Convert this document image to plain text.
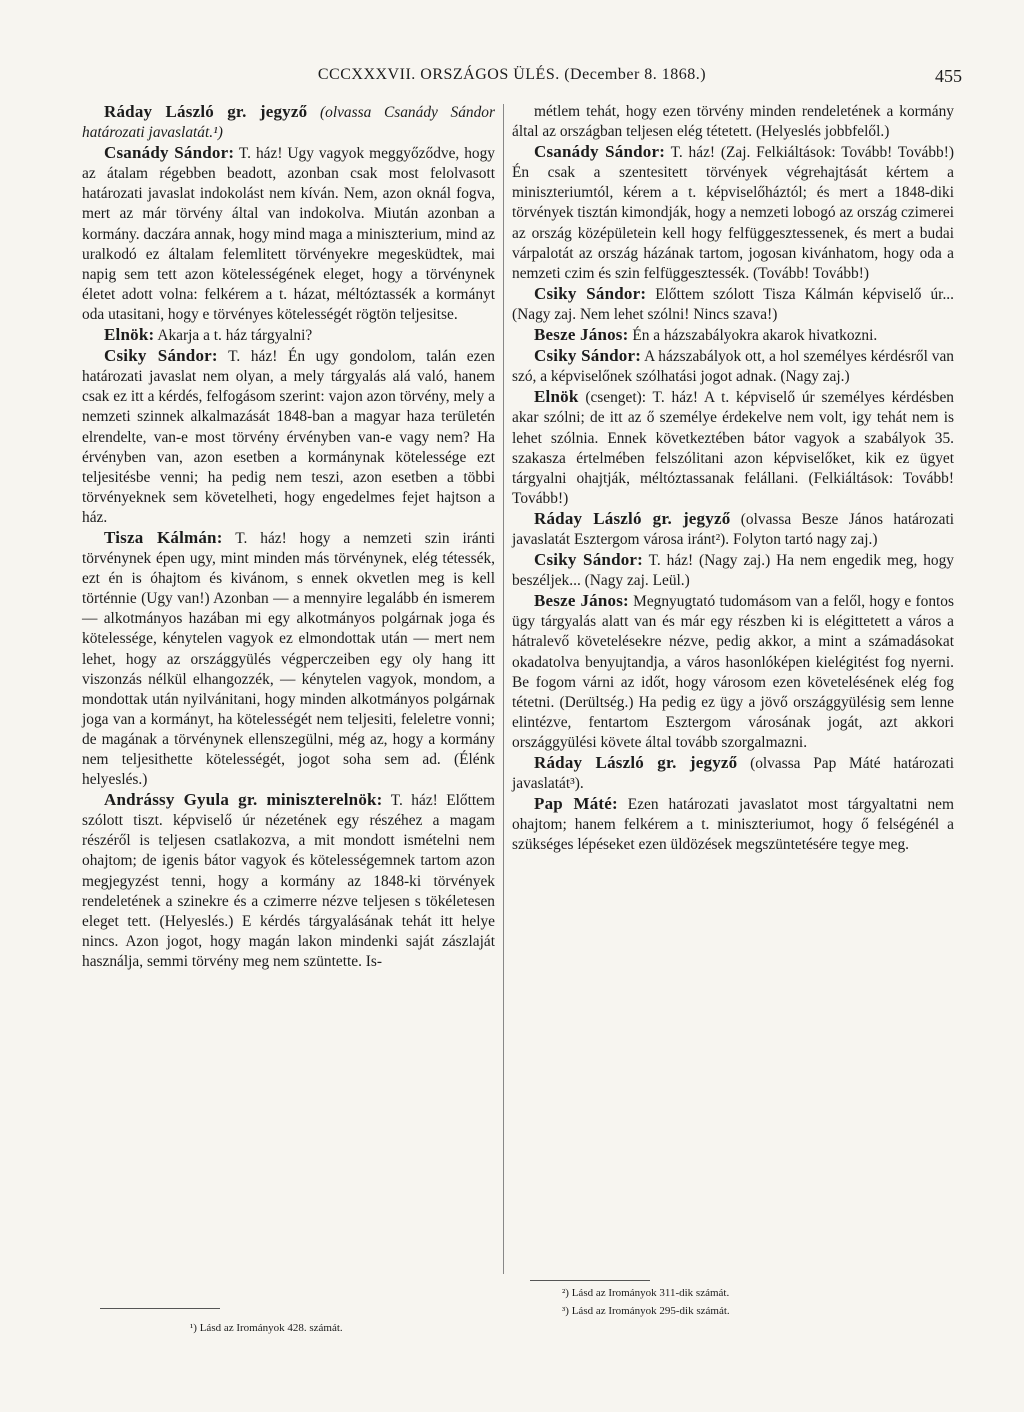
CCCXXXVII. ORSZÁGOS ÜLÉS. (December 8. 1868.)	455

Ráday László gr. jegyző (olvassa Csanády Sándor határozati javaslatát.¹)

Csanády Sándor: T. ház! Ugy vagyok meggyőződve, hogy az átalam régebben beadott, azonban csak most felolvasott határozati javaslat indokolást nem kíván. Nem, azon oknál fogva, mert az már törvény által van indokolva. Miután azonban a kormány. daczára annak, hogy mind maga a miniszterium, mind az uralkodó ez általam felemlitett törvényekre megesküdtek, mai napig sem tett azon kötelességének eleget, hogy a törvénynek életet adott volna: felkérem a t. házat, méltóztassék a kormányt oda utasitani, hogy e törvényes kötelességét rögtön teljesitse.

Elnök: Akarja a t. ház tárgyalni?

Csiky Sándor: T. ház! Én ugy gondolom, talán ezen határozati javaslat nem olyan, a mely tárgyalás alá való, hanem csak ez itt a kérdés, felfogásom szerint: vajon azon törvény, mely a nemzeti szinnek alkalmazását 1848-ban a magyar haza területén elrendelte, van-e most törvény érvényben van-e vagy nem? Ha érvényben van, azon esetben a kormánynak kötelessége ezt teljesitésbe venni; ha pedig nem teszi, azon esetben a többi törvényeknek sem követelheti, hogy engedelmes fejet hajtson a ház.

Tisza Kálmán: T. ház! hogy a nemzeti szin iránti törvénynek épen ugy, mint minden más törvénynek, elég tétessék, ezt én is óhajtom és kivánom, s ennek okvetlen meg is kell történnie (Ugy van!) Azonban — a mennyire legalább én ismerem — alkotmányos hazában mi egy alkotmányos polgárnak joga és kötelessége, kénytelen vagyok ez elmondottak után — mert nem lehet, hogy az országgyülés végperczeiben egy oly hang itt viszonzás nélkül elhangozzék, — kénytelen vagyok, mondom, a mondottak után nyilvánitani, hogy minden alkotmányos polgárnak joga van a kormányt, ha kötelességét nem teljesiti, feleletre vonni; de magának a törvénynek ellenszegülni, még az, hogy a kormány nem teljesithette kötelességét, jogot soha sem ad. (Élénk helyeslés.)

Andrássy Gyula gr. miniszterelnök: T. ház! Előttem szólott tiszt. képviselő úr nézetének egy részéhez a magam részéről is teljesen csatlakozva, a mit mondott ismételni nem ohajtom; de igenis bátor vagyok és kötelességemnek tartom azon megjegyzést tenni, hogy a kormány az 1848-ki törvények rendeletének a szinekre és a czimerre nézve teljesen s tökéletesen eleget tett. (Helyeslés.) E kérdés tárgyalásának tehát itt helye nincs. Azon jogot, hogy magán lakon mindenki saját zászlaját használja, semmi törvény meg nem szüntette. Is-

métlem tehát, hogy ezen törvény minden rendeletének a kormány által az országban teljesen elég tétetett. (Helyeslés jobbfelől.)

Csanády Sándor: T. ház! (Zaj. Felkiáltások: Tovább! Tovább!) Én csak a szentesitett törvények végrehajtását kértem a miniszteriumtól, kérem a t. képviselőháztól; és mert a 1848-diki törvények tisztán kimondják, hogy a nemzeti lobogó az ország czimerei az ország középületein kell hogy felfüggesztessenek, és mert a budai várpalotát az ország házának tartom, jogosan kivánhatom, hogy oda a nemzeti czim és szin felfüggesztessék. (Tovább! Tovább!)

Csiky Sándor: Előttem szólott Tisza Kálmán képviselő úr... (Nagy zaj. Nem lehet szólni! Nincs szava!)

Besze János: Én a házszabályokra akarok hivatkozni.

Csiky Sándor: A házszabályok ott, a hol személyes kérdésről van szó, a képviselőnek szólhatási jogot adnak. (Nagy zaj.)

Elnök (csenget): T. ház! A t. képviselő úr személyes kérdésben akar szólni; de itt az ő személye érdekelve nem volt, igy tehát nem is lehet szólnia. Ennek következtében bátor vagyok a szabályok 35. szakasza értelmében felszólitani azon képviselőket, kik ez ügyet tárgyalni ohajtják, méltóztassanak felállani. (Felkiáltások: Tovább! Tovább!)

Ráday László gr. jegyző (olvassa Besze János határozati javaslatát Esztergom városa iránt²). Folyton tartó nagy zaj.)

Csiky Sándor: T. ház! (Nagy zaj.) Ha nem engedik meg, hogy beszéljek... (Nagy zaj. Leül.)

Besze János: Megnyugtató tudomásom van a felől, hogy e fontos ügy tárgyalás alatt van és már egy részben ki is elégittetett a város a hátralevő követelésekre nézve, pedig akkor, a mint a számadásokat okadatolva benyujtandja, a város hasonlóképen kielégitést fog nyerni. Be fogom várni az időt, hogy városom ezen követelésének elég fog tétetni. (Derültség.) Ha pedig ez ügy a jövő országgyülésig sem lenne elintézve, fentartom Esztergom városának jogát, azt akkori országgyülési követe által tovább szorgalmazni.

Ráday László gr. jegyző (olvassa Pap Máté határozati javaslatát³).

Pap Máté: Ezen határozati javaslatot most tárgyaltatni nem ohajtom; hanem felkérem a t. miniszteriumot, hogy ő felségénél a szükséges lépéseket ezen üldözések megszüntetésére tegye meg.

¹) Lásd az Irományok 428. számát.
²) Lásd az Irományok 311-dik számát.
³) Lásd az Irományok 295-dik számát.
